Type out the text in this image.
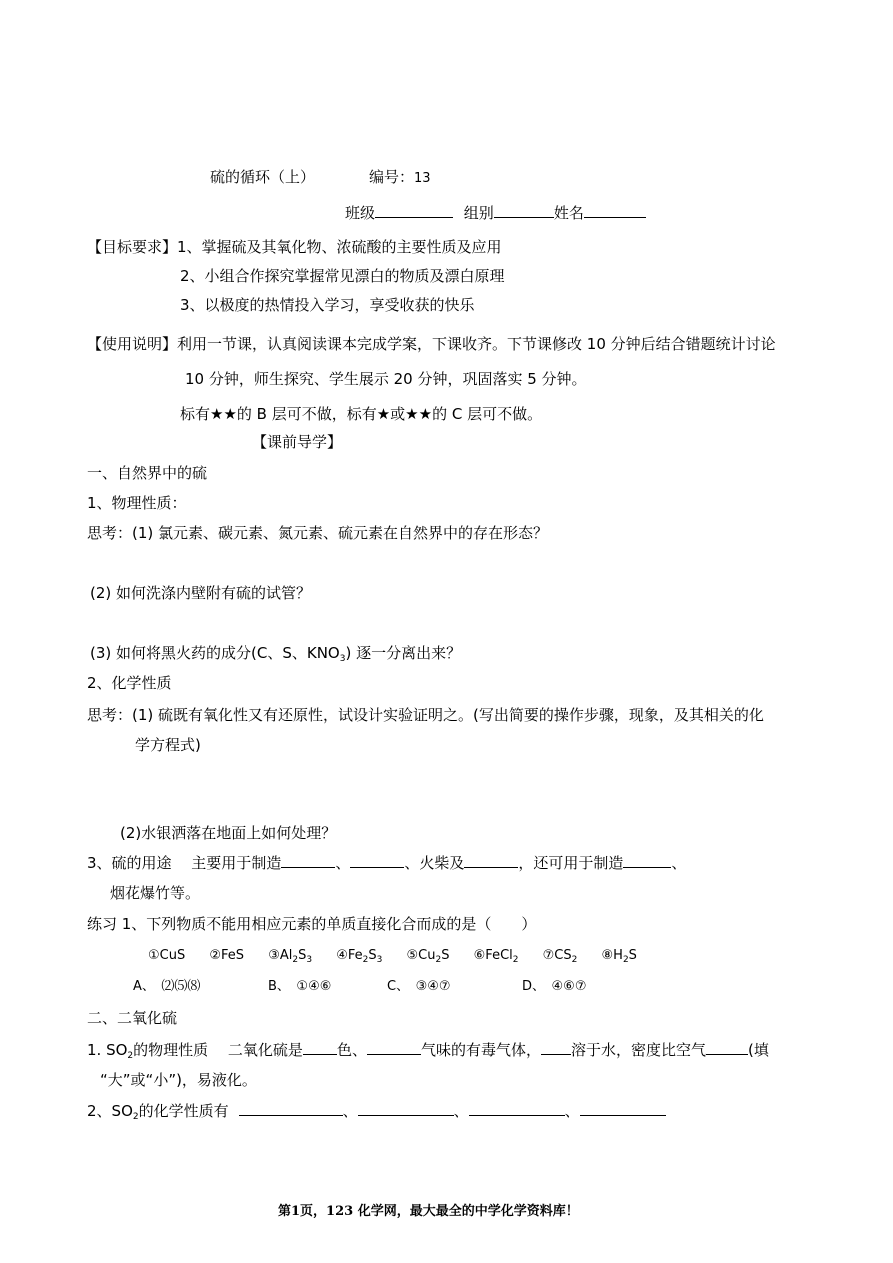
硫的循环（上）	编号：13
班级	组别	姓名
【目标要求】1、掌握硫及其氧化物、浓硫酸的主要性质及应用
2、小组合作探究掌握常见漂白的物质及漂白原理
3、以极度的热情投入学习，享受收获的快乐
【使用说明】利用一节课，认真阅读课本完成学案，下课收齐。下节课修改 10 分钟后结合错题统计讨论
10 分钟，师生探究、学生展示 20 分钟，巩固落实 5 分钟。
标有★★的 B 层可不做，标有★或★★的 C 层可不做。
【课前导学】
一、自然界中的硫
1、物理性质：
思考：(1) 氯元素、碳元素、氮元素、硫元素在自然界中的存在形态？
(2) 如何洗涤内壁附有硫的试管？
(3) 如何将黑火药的成分(C、S、$KNO_3$) 逐一分离出来？
2、化学性质
思考：(1) 硫既有氧化性又有还原性，试设计实验证明之。(写出简要的操作步骤，现象，及其相关的化
学方程式)
(2)水银洒落在地面上如何处理？
3、硫的用途　 主要用于制造	、	、火柴及	，还可用于制造	、
烟花爆竹等。
练习 1、下列物质不能用相应元素的单质直接化合而成的是（　　）
①CuS ②FeS $③Al_2S_3$ $④Fe_2S_3$ $⑤Cu_2S$ ⑥FeCl$_2$ $⑦CS_2$ $⑧H_2S$
A、　⑵⑸⑻	B、　①④⑥	C、　③④⑦	D、　④⑥⑦
二、二氧化硫
1. $SO_2$的物理性质　 二氧化硫是 色、	气味的有毒气体， 溶于水，密度比空气	(填
“大”或“小”)，易液化。
2、$SO_2$的化学性质有	、	、	、
第1页，123 化学网，最大最全的中学化学资料库！
